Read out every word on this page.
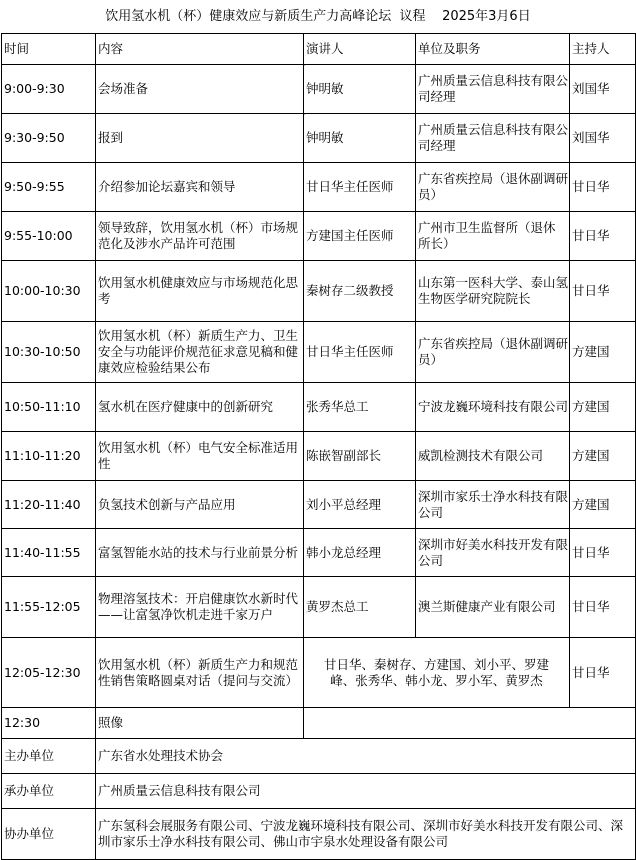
饮用氢水机（杯）健康效应与新质生产力高峰论坛  议程    2025年3月6日
时间	内容	演讲人	单位及职务	主持人
9:00-9:30	会场准备	钟明敏	广州质量云信息科技有限公司经理	刘国华
9:30-9:50	报到	钟明敏	广州质量云信息科技有限公司经理	刘国华
9:50-9:55	介绍参加论坛嘉宾和领导	甘日华主任医师	广东省疾控局（退休副调研员）	甘日华
9:55-10:00	领导致辞，饮用氢水机（杯）市场规范化及涉水产品许可范围	方建国主任医师	广州市卫生监督所（退休 所长）	甘日华
10:00-10:30	饮用氢水机健康效应与市场规范化思考	秦树存二级教授	山东第一医科大学、泰山氢生物医学研究院院长	甘日华
10:30-10:50	饮用氢水机（杯）新质生产力、卫生安全与功能评价规范征求意见稿和健康效应检验结果公布	甘日华主任医师	广东省疾控局（退休副调研员）	方建国
10:50-11:10	氢水机在医疗健康中的创新研究	张秀华总工	宁波龙巍环境科技有限公司	方建国
11:10-11:20	饮用氢水机（杯）电气安全标准适用性	陈嵌智副部长	威凯检测技术有限公司	方建国
11:20-11:40	负氢技术创新与产品应用	刘小平总经理	深圳市家乐士净水科技有限公司	方建国
11:40-11:55	富氢智能水站的技术与行业前景分析	韩小龙总经理	深圳市好美水科技开发有限公司	甘日华
11:55-12:05	物理溶氢技术：开启健康饮水新时代——让富氢净饮机走进千家万户	黄罗杰总工	澳兰斯健康产业有限公司	甘日华
12:05-12:30	饮用氢水机（杯）新质生产力和规范性销售策略圆桌对话（提问与交流）	甘日华、秦树存、方建国、刘小平、罗建峰、张秀华、韩小龙、罗小军、黄罗杰		甘日华
12:30	照像			
主办单位	广东省水处理技术协会			
承办单位	广州质量云信息科技有限公司			
协办单位	广东氢科会展服务有限公司、宁波龙巍环境科技有限公司、深圳市好美水科技开发有限公司、深圳市家乐士净水科技有限公司、佛山市宇泉水处理设备有限公司			
